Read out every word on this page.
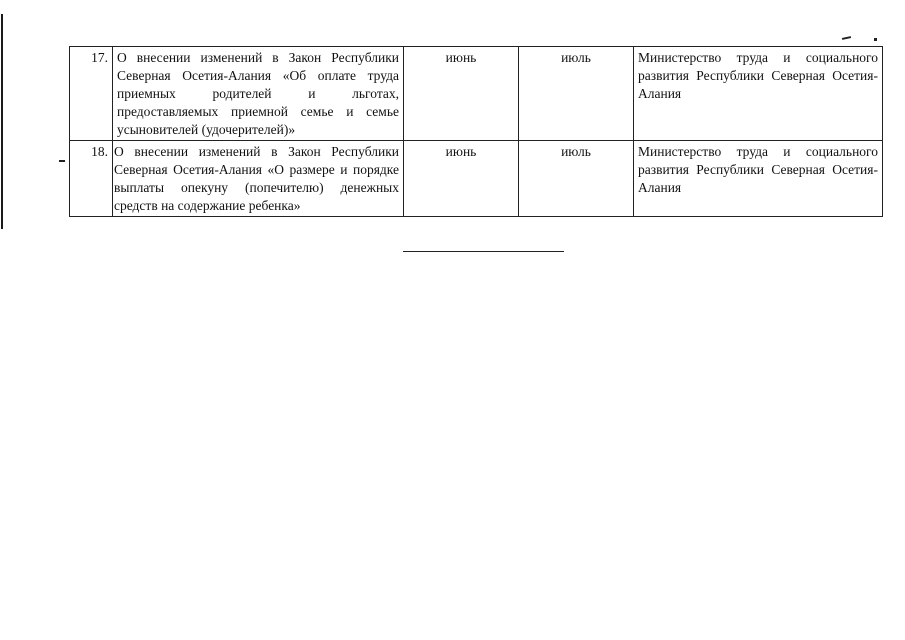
17.	О внесении изменений в Закон Республики Северная Осетия-Алания «Об оплате труда приемных родителей и льготах, предоставляемых приемной семье и семье усыновителей (удочерителей)»	июнь	июль	Министерство труда и социального развития Республики Северная Осетия-Алания
18.	О внесении изменений в Закон Республики Северная Осетия-Алания «О размере и порядке выплаты опекуну (попечителю) денежных средств на содержание ребенка»	июнь	июль	Министерство труда и социального развития Республики Северная Осетия-Алания
